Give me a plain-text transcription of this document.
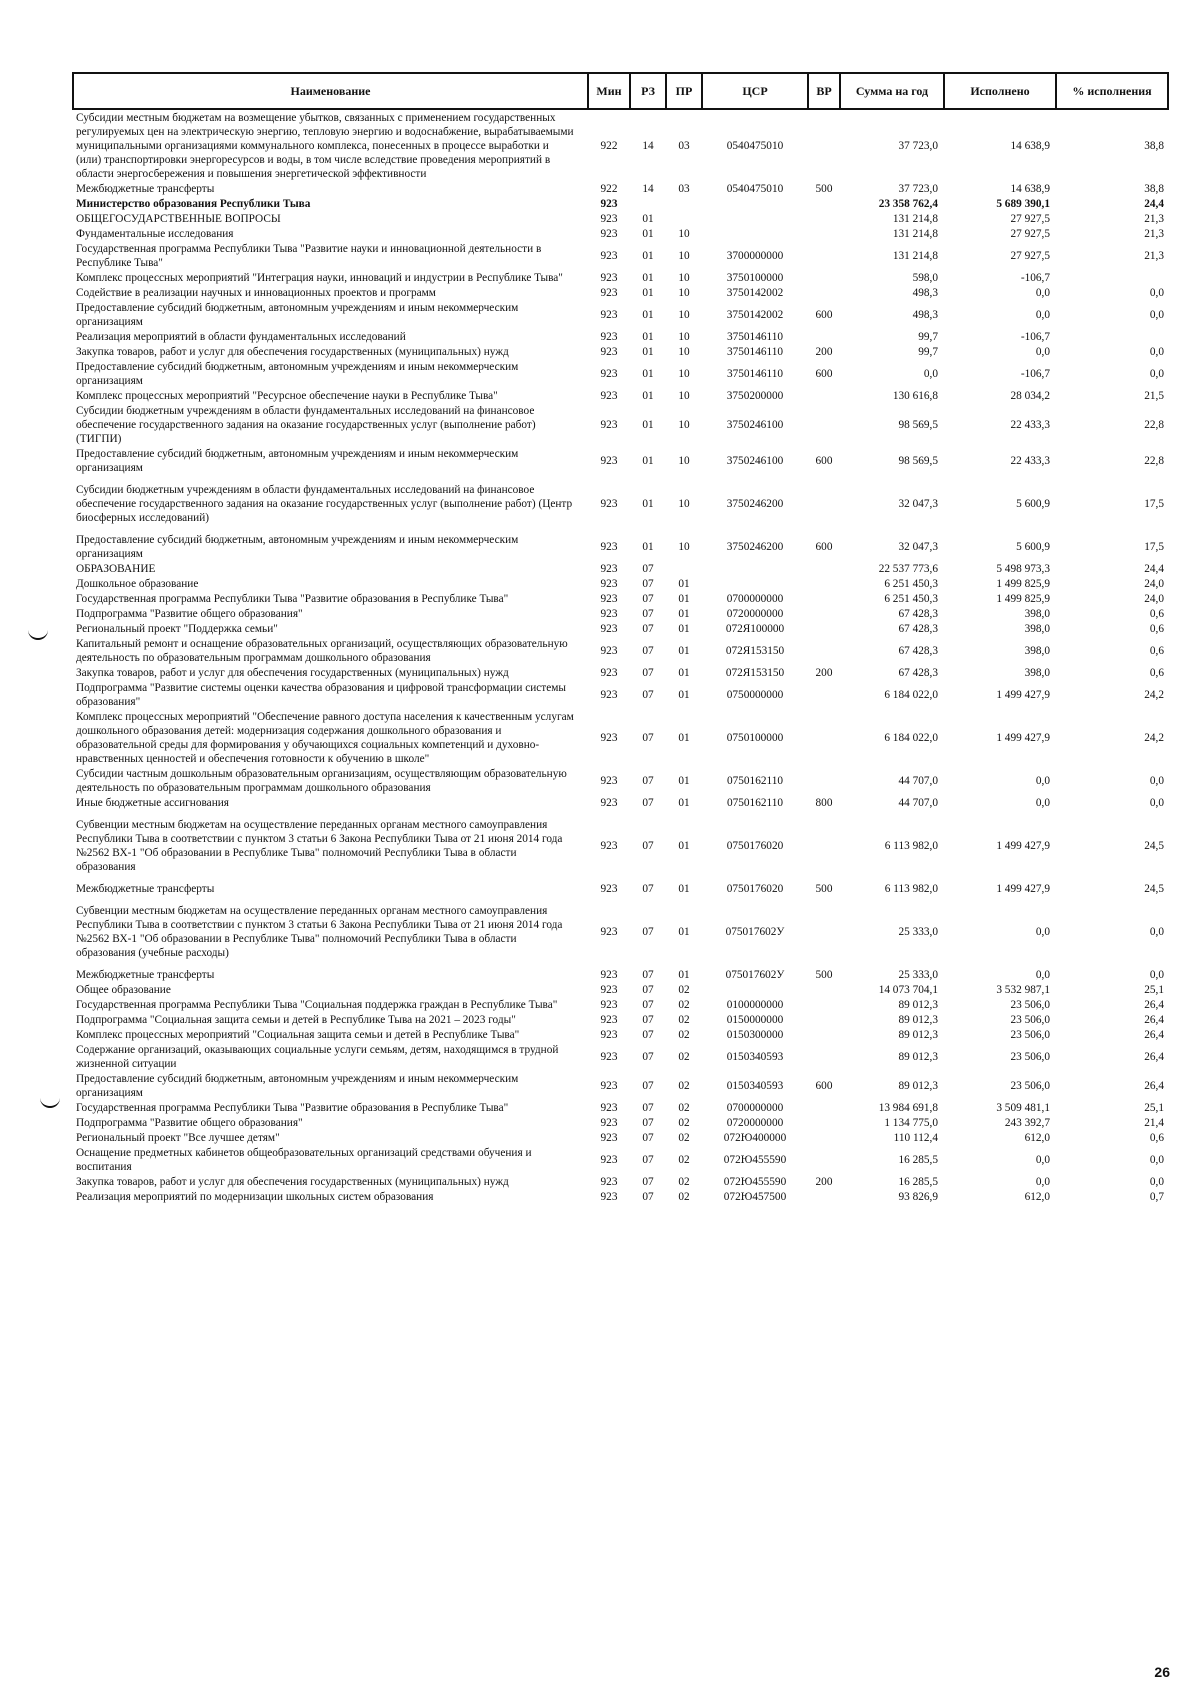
Наименование	Мин	РЗ	ПР	ЦСР	ВР	Сумма на год	Исполнено	% исполнения
Субсидии местным бюджетам на возмещение убытков, связанных с применением государственных регулируемых цен на электрическую энергию, тепловую энергию и водоснабжение, вырабатываемыми муниципальными организациями коммунального комплекса, понесенных в процессе выработки и (или) транспортировки энергоресурсов и воды, в том числе вследствие проведения мероприятий в области энергосбережения и повышения энергетической эффективности	922	14	03	0540475010		37 723,0	14 638,9	38,8
Межбюджетные трансферты	922	14	03	0540475010	500	37 723,0	14 638,9	38,8
Министерство образования Республики Тыва	923					23 358 762,4	5 689 390,1	24,4
ОБЩЕГОСУДАРСТВЕННЫЕ ВОПРОСЫ	923	01				131 214,8	27 927,5	21,3
Фундаментальные исследования	923	01	10			131 214,8	27 927,5	21,3
Государственная программа Республики Тыва "Развитие науки и инновационной деятельности в Республике Тыва"	923	01	10	3700000000		131 214,8	27 927,5	21,3
Комплекс процессных мероприятий "Интеграция науки, инноваций и индустрии в Республике Тыва"	923	01	10	3750100000		598,0	-106,7	
Содействие в реализации научных и инновационных проектов и программ	923	01	10	3750142002		498,3	0,0	0,0
Предоставление субсидий бюджетным, автономным учреждениям и иным некоммерческим организациям	923	01	10	3750142002	600	498,3	0,0	0,0
Реализация мероприятий в области фундаментальных исследований	923	01	10	3750146110		99,7	-106,7	
Закупка товаров, работ и услуг для обеспечения государственных (муниципальных) нужд	923	01	10	3750146110	200	99,7	0,0	0,0
Предоставление субсидий бюджетным, автономным учреждениям и иным некоммерческим организациям	923	01	10	3750146110	600	0,0	-106,7	0,0
Комплекс процессных мероприятий "Ресурсное обеспечение науки в Республике Тыва"	923	01	10	3750200000		130 616,8	28 034,2	21,5
Субсидии бюджетным учреждениям в области фундаментальных исследований на финансовое обеспечение государственного задания на оказание государственных услуг (выполнение работ) (ТИГПИ)	923	01	10	3750246100		98 569,5	22 433,3	22,8
Предоставление субсидий бюджетным, автономным учреждениям и иным некоммерческим организациям	923	01	10	3750246100	600	98 569,5	22 433,3	22,8
Субсидии бюджетным учреждениям в области фундаментальных исследований на финансовое обеспечение государственного задания на оказание государственных услуг (выполнение работ) (Центр биосферных исследований)	923	01	10	3750246200		32 047,3	5 600,9	17,5
Предоставление субсидий бюджетным, автономным учреждениям и иным некоммерческим организациям	923	01	10	3750246200	600	32 047,3	5 600,9	17,5
ОБРАЗОВАНИЕ	923	07				22 537 773,6	5 498 973,3	24,4
Дошкольное образование	923	07	01			6 251 450,3	1 499 825,9	24,0
Государственная программа Республики Тыва "Развитие образования в Республике Тыва"	923	07	01	0700000000		6 251 450,3	1 499 825,9	24,0
Подпрограмма "Развитие общего образования"	923	07	01	0720000000		67 428,3	398,0	0,6
Региональный проект "Поддержка семьи"	923	07	01	072Я100000		67 428,3	398,0	0,6
Капитальный ремонт и оснащение образовательных организаций, осуществляющих образовательную деятельность по образовательным программам дошкольного образования	923	07	01	072Я153150		67 428,3	398,0	0,6
Закупка товаров, работ и услуг для обеспечения государственных (муниципальных) нужд	923	07	01	072Я153150	200	67 428,3	398,0	0,6
Подпрограмма "Развитие системы оценки качества образования и цифровой трансформации системы образования"	923	07	01	0750000000		6 184 022,0	1 499 427,9	24,2
Комплекс процессных мероприятий "Обеспечение равного доступа населения к качественным услугам дошкольного образования детей: модернизация содержания дошкольного образования и образовательной среды для формирования у обучающихся социальных компетенций и духовно-нравственных ценностей и обеспечения готовности к обучению в школе"	923	07	01	0750100000		6 184 022,0	1 499 427,9	24,2
Субсидии частным дошкольным образовательным организациям, осуществляющим образовательную деятельность по образовательным программам дошкольного образования	923	07	01	0750162110		44 707,0	0,0	0,0
Иные бюджетные ассигнования	923	07	01	0750162110	800	44 707,0	0,0	0,0
Субвенции местным бюджетам на осуществление переданных органам местного самоуправления Республики Тыва в соответствии с пунктом 3 статьи 6 Закона Республики Тыва от 21 июня 2014 года №2562 ВХ-1 "Об образовании в Республике Тыва" полномочий Республики Тыва в области образования	923	07	01	0750176020		6 113 982,0	1 499 427,9	24,5
Межбюджетные трансферты	923	07	01	0750176020	500	6 113 982,0	1 499 427,9	24,5
Субвенции местным бюджетам на осуществление переданных органам местного самоуправления Республики Тыва в соответствии с пунктом 3 статьи 6 Закона Республики Тыва от 21 июня 2014 года №2562 ВХ-1 "Об образовании в Республике Тыва" полномочий Республики Тыва в области образования (учебные расходы)	923	07	01	075017602У		25 333,0	0,0	0,0
Межбюджетные трансферты	923	07	01	075017602У	500	25 333,0	0,0	0,0
Общее образование	923	07	02			14 073 704,1	3 532 987,1	25,1
Государственная программа Республики Тыва "Социальная поддержка граждан в Республике Тыва"	923	07	02	0100000000		89 012,3	23 506,0	26,4
Подпрограмма "Социальная защита семьи и детей в Республике Тыва на 2021 – 2023 годы"	923	07	02	0150000000		89 012,3	23 506,0	26,4
Комплекс процессных мероприятий "Социальная защита семьи и детей в Республике Тыва"	923	07	02	0150300000		89 012,3	23 506,0	26,4
Содержание организаций, оказывающих социальные услуги семьям, детям, находящимся в трудной жизненной ситуации	923	07	02	0150340593		89 012,3	23 506,0	26,4
Предоставление субсидий бюджетным, автономным учреждениям и иным некоммерческим организациям	923	07	02	0150340593	600	89 012,3	23 506,0	26,4
Государственная программа Республики Тыва "Развитие образования в Республике Тыва"	923	07	02	0700000000		13 984 691,8	3 509 481,1	25,1
Подпрограмма "Развитие общего образования"	923	07	02	0720000000		1 134 775,0	243 392,7	21,4
Региональный проект "Все лучшее детям"	923	07	02	072Ю400000		110 112,4	612,0	0,6
Оснащение предметных кабинетов общеобразовательных организаций средствами обучения и воспитания	923	07	02	072Ю455590		16 285,5	0,0	0,0
Закупка товаров, работ и услуг для обеспечения государственных (муниципальных) нужд	923	07	02	072Ю455590	200	16 285,5	0,0	0,0
Реализация мероприятий по модернизации школьных систем образования	923	07	02	072Ю457500		93 826,9	612,0	0,7
26
